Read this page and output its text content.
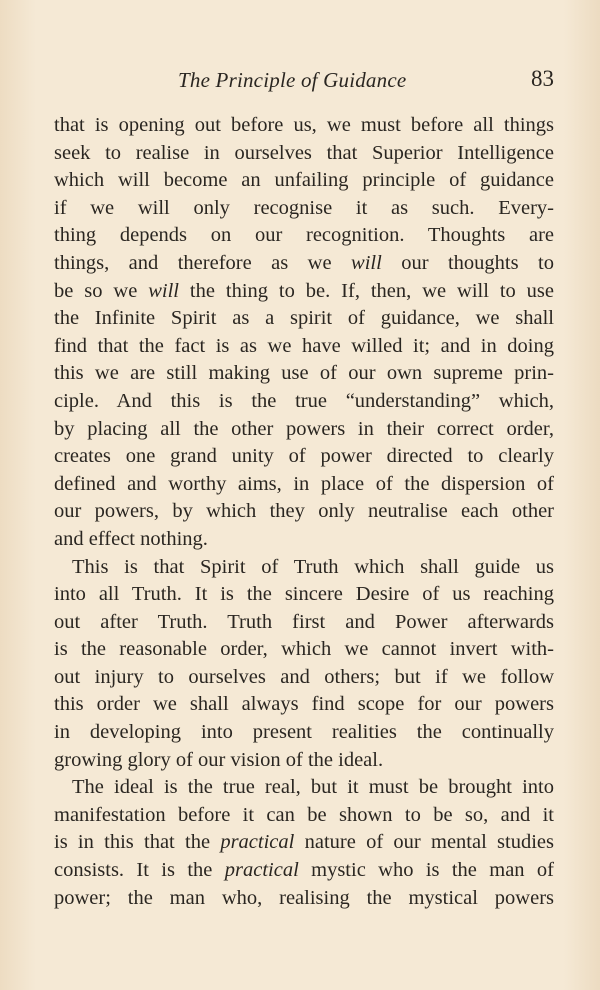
The Principle of Guidance	83

that is opening out before us, we must before all things
seek to realise in ourselves that Superior Intelligence
which will become an unfailing principle of guidance
if we will only recognise it as such. Every-
thing depends on our recognition. Thoughts are
things, and therefore as we will our thoughts to
be so we will the thing to be. If, then, we will to use
the Infinite Spirit as a spirit of guidance, we shall
find that the fact is as we have willed it; and in doing
this we are still making use of our own supreme prin-
ciple. And this is the true “understanding” which,
by placing all the other powers in their correct order,
creates one grand unity of power directed to clearly
defined and worthy aims, in place of the dispersion of
our powers, by which they only neutralise each other
and effect nothing.

This is that Spirit of Truth which shall guide us
into all Truth. It is the sincere Desire of us reaching
out after Truth. Truth first and Power afterwards
is the reasonable order, which we cannot invert with-
out injury to ourselves and others; but if we follow
this order we shall always find scope for our powers
in developing into present realities the continually
growing glory of our vision of the ideal.

The ideal is the true real, but it must be brought into
manifestation before it can be shown to be so, and it
is in this that the practical nature of our mental studies
consists. It is the practical mystic who is the man of
power; the man who, realising the mystical powers
